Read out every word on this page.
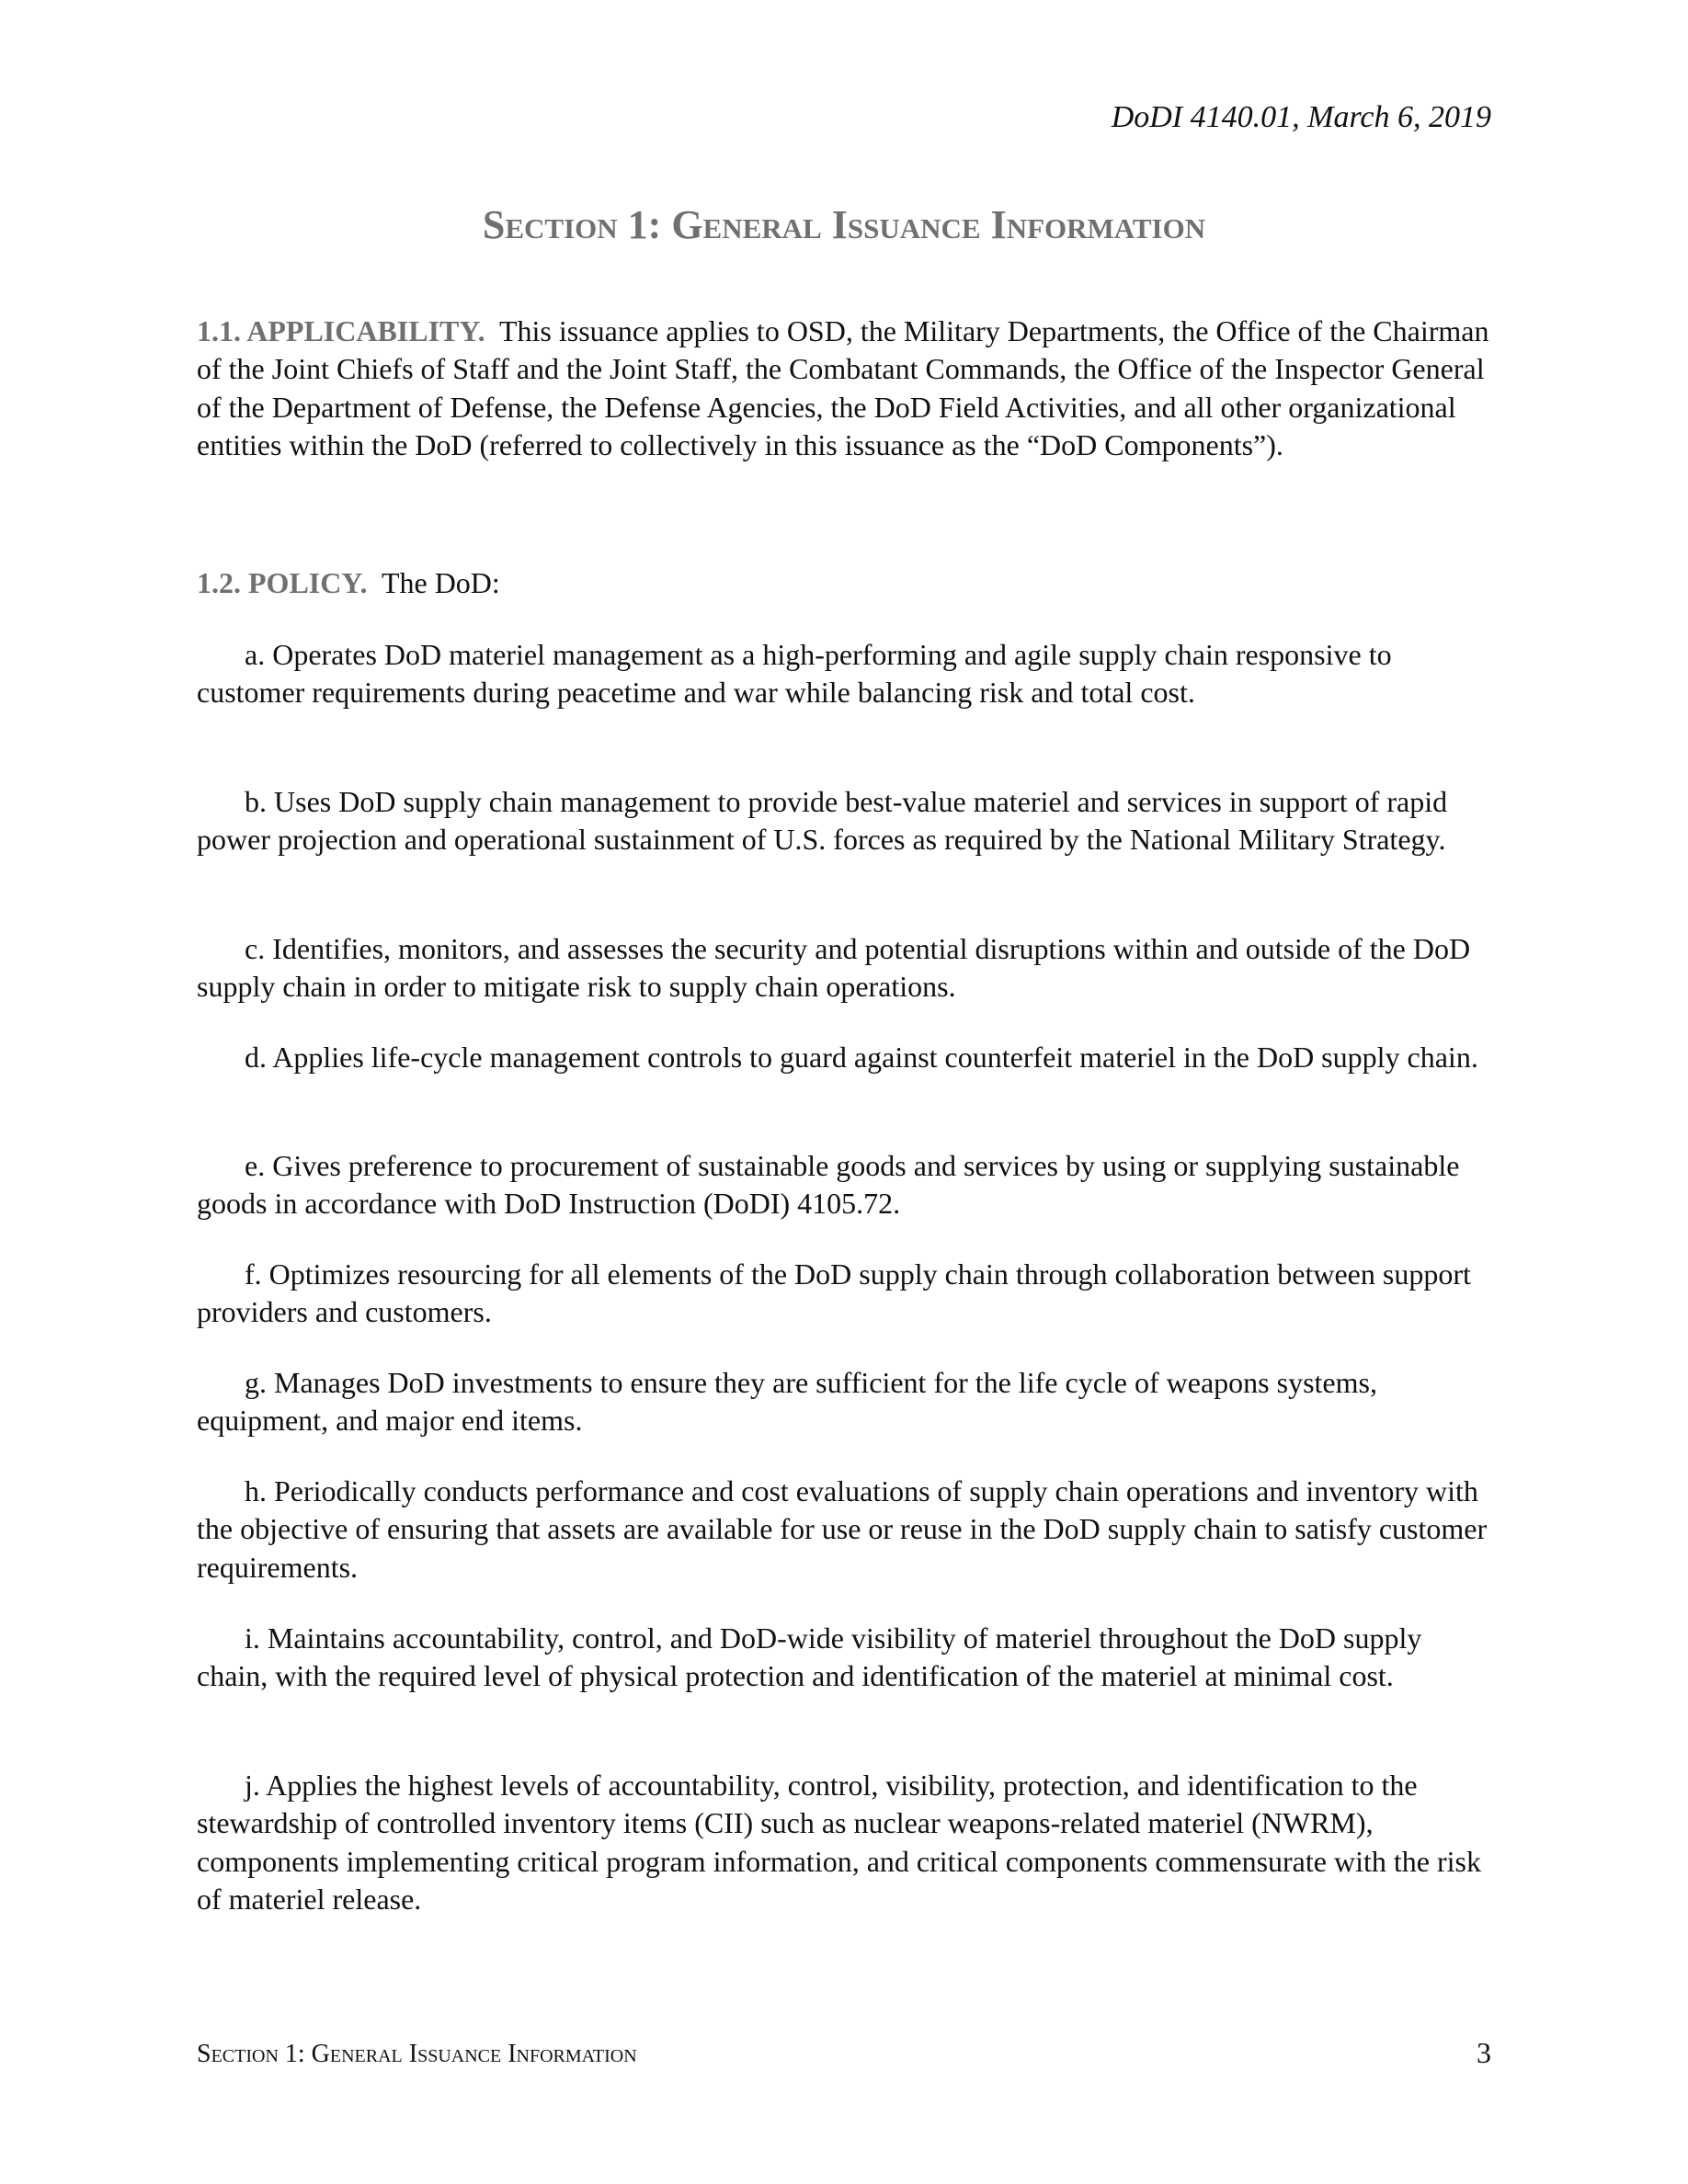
DoDI 4140.01, March 6, 2019
Section 1: General Issuance Information

1.1. APPLICABILITY. This issuance applies to OSD, the Military Departments, the Office of the Chairman of the Joint Chiefs of Staff and the Joint Staff, the Combatant Commands, the Office of the Inspector General of the Department of Defense, the Defense Agencies, the DoD Field Activities, and all other organizational entities within the DoD (referred to collectively in this issuance as the “DoD Components”).

1.2. POLICY. The DoD:

a. Operates DoD materiel management as a high-performing and agile supply chain responsive to customer requirements during peacetime and war while balancing risk and total cost.

b. Uses DoD supply chain management to provide best-value materiel and services in support of rapid power projection and operational sustainment of U.S. forces as required by the National Military Strategy.

c. Identifies, monitors, and assesses the security and potential disruptions within and outside of the DoD supply chain in order to mitigate risk to supply chain operations.

d. Applies life-cycle management controls to guard against counterfeit materiel in the DoD supply chain.

e. Gives preference to procurement of sustainable goods and services by using or supplying sustainable goods in accordance with DoD Instruction (DoDI) 4105.72.

f. Optimizes resourcing for all elements of the DoD supply chain through collaboration between support providers and customers.

g. Manages DoD investments to ensure they are sufficient for the life cycle of weapons systems, equipment, and major end items.

h. Periodically conducts performance and cost evaluations of supply chain operations and inventory with the objective of ensuring that assets are available for use or reuse in the DoD supply chain to satisfy customer requirements.

i. Maintains accountability, control, and DoD-wide visibility of materiel throughout the DoD supply chain, with the required level of physical protection and identification of the materiel at minimal cost.

j. Applies the highest levels of accountability, control, visibility, protection, and identification to the stewardship of controlled inventory items (CII) such as nuclear weapons-related materiel (NWRM), components implementing critical program information, and critical components commensurate with the risk of materiel release.

Section 1: General Issuance Information	3
